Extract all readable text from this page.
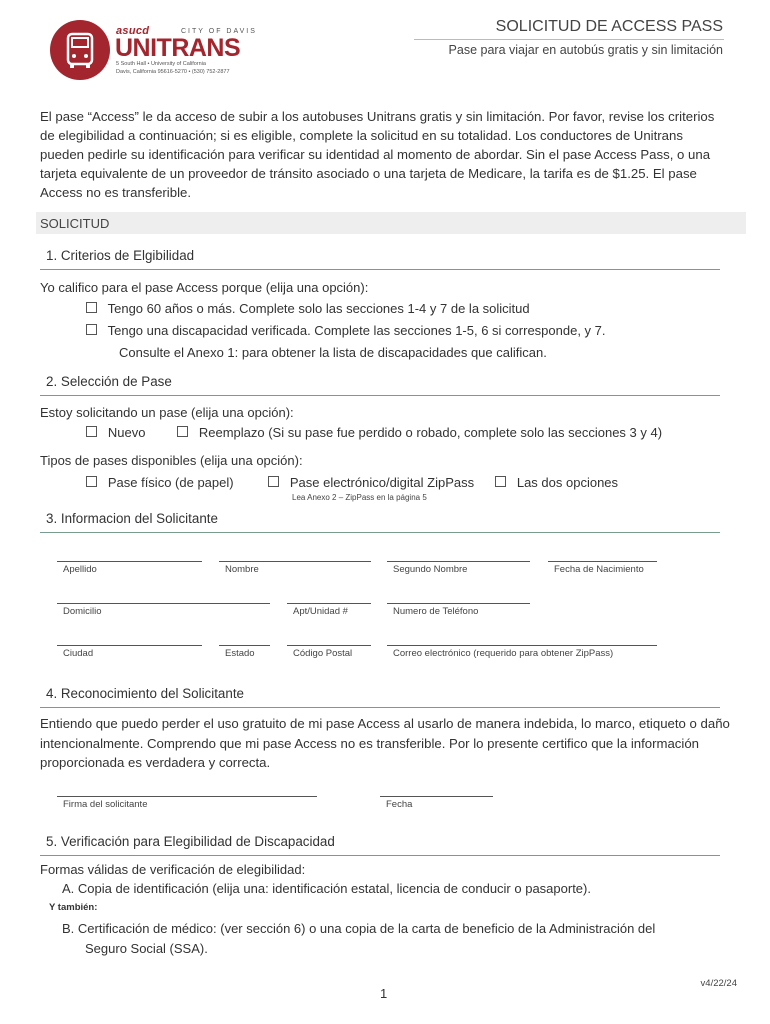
asucd	CITY OF DAVIS
UNITRANS
5 South Hall • University of California
Davis, California 95616-5270 • (530) 752-2877
SOLICITUD DE ACCESS PASS
Pase para viajar en autobús gratis y sin limitación
El pase “Access” le da acceso de subir a los autobuses Unitrans gratis y sin limitación. Por favor, revise los criterios de elegibilidad a continuación; si es eligible, complete la solicitud en su totalidad. Los conductores de Unitrans pueden pedirle su identificación para verificar su identidad al momento de abordar. Sin el pase Access Pass, o una tarjeta equivalente de un proveedor de tránsito asociado o una tarjeta de Medicare, la tarifa es de $1.25. El pase Access no es transferible.
SOLICITUD
1. Criterios de Elgibilidad
Yo califico para el pase Access porque (elija una opción):
Tengo 60 años o más. Complete solo las secciones 1-4 y 7 de la solicitud
Tengo una discapacidad verificada. Complete las secciones 1-5, 6 si corresponde, y 7.
Consulte el Anexo 1: para obtener la lista de discapacidades que califican.
2. Selección de Pase
Estoy solicitando un pase (elija una opción):
Nuevo	Reemplazo (Si su pase fue perdido o robado, complete solo las secciones 3 y 4)
Tipos de pases disponibles (elija una opción):
Pase físico (de papel)	Pase electrónico/digital ZipPass	Las dos opciones
Lea Anexo 2 – ZipPass en la página 5
3. Informacion del Solicitante
Apellido	Nombre	Segundo Nombre	Fecha de Nacimiento
Domicilio	Apt/Unidad #	Numero de Teléfono
Ciudad	Estado	Código Postal	Correo electrónico (requerido para obtener ZipPass)
4. Reconocimiento del Solicitante
Entiendo que puedo perder el uso gratuito de mi pase Access al usarlo de manera indebida, lo marco, etiqueto o daño intencionalmente. Comprendo que mi pase Access no es transferible. Por lo presente certifico que la información proporcionada es verdadera y correcta.
Firma del solicitante	Fecha
5. Verificación para Elegibilidad de Discapacidad
Formas válidas de verificación de elegibilidad:
A. Copia de identificación (elija una: identificación estatal, licencia de conducir o pasaporte).
Y también:
B. Certificación de médico: (ver sección 6) o una copia de la carta de beneficio de la Administración del
Seguro Social (SSA).
v4/22/24
1
